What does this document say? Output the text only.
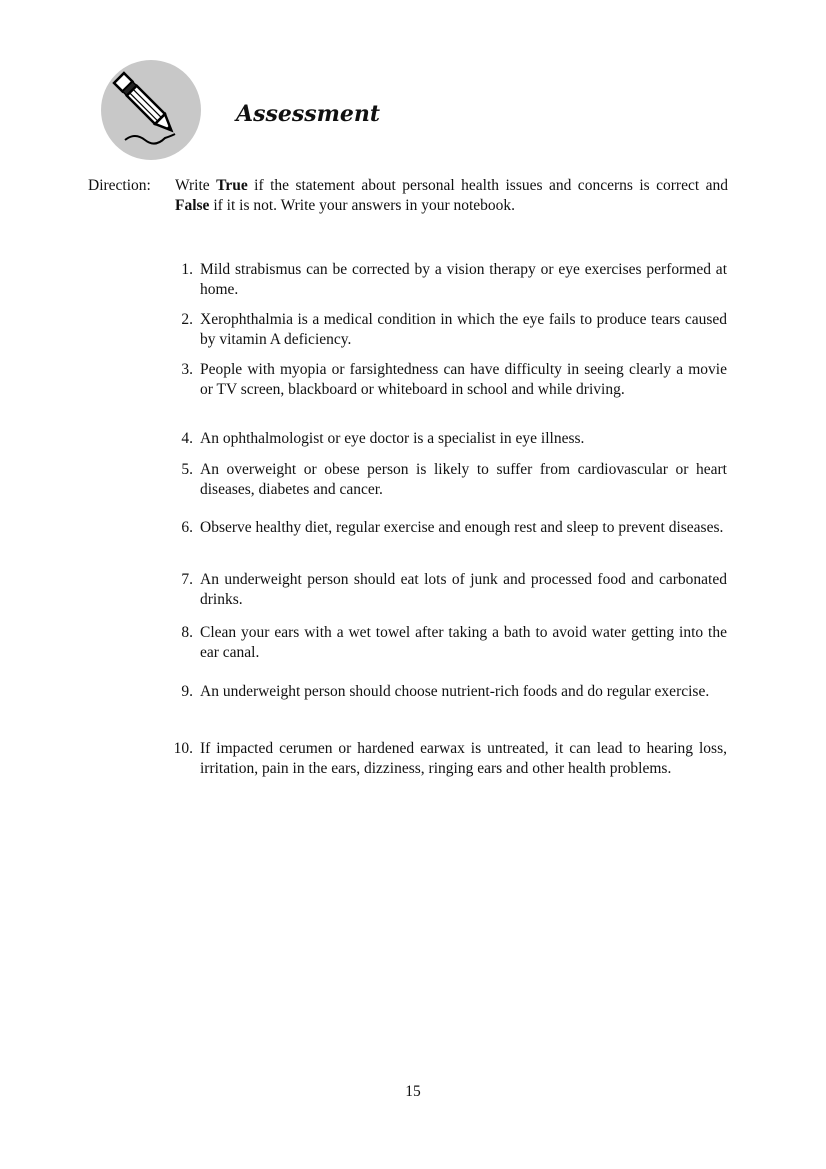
Assessment
Direction: Write True if the statement about personal health issues and concerns is correct and False if it is not. Write your answers in your notebook.
1. Mild strabismus can be corrected by a vision therapy or eye exercises performed at home.
2. Xerophthalmia is a medical condition in which the eye fails to produce tears caused by vitamin A deficiency.
3. People with myopia or farsightedness can have difficulty in seeing clearly a movie or TV screen, blackboard or whiteboard in school and while driving.
4. An ophthalmologist or eye doctor is a specialist in eye illness.
5. An overweight or obese person is likely to suffer from cardiovascular or heart diseases, diabetes and cancer.
6. Observe healthy diet, regular exercise and enough rest and sleep to prevent diseases.
7. An underweight person should eat lots of junk and processed food and carbonated drinks.
8. Clean your ears with a wet towel after taking a bath to avoid water getting into the ear canal.
9. An underweight person should choose nutrient-rich foods and do regular exercise.
10. If impacted cerumen or hardened earwax is untreated, it can lead to hearing loss, irritation, pain in the ears, dizziness, ringing ears and other health problems.
15
